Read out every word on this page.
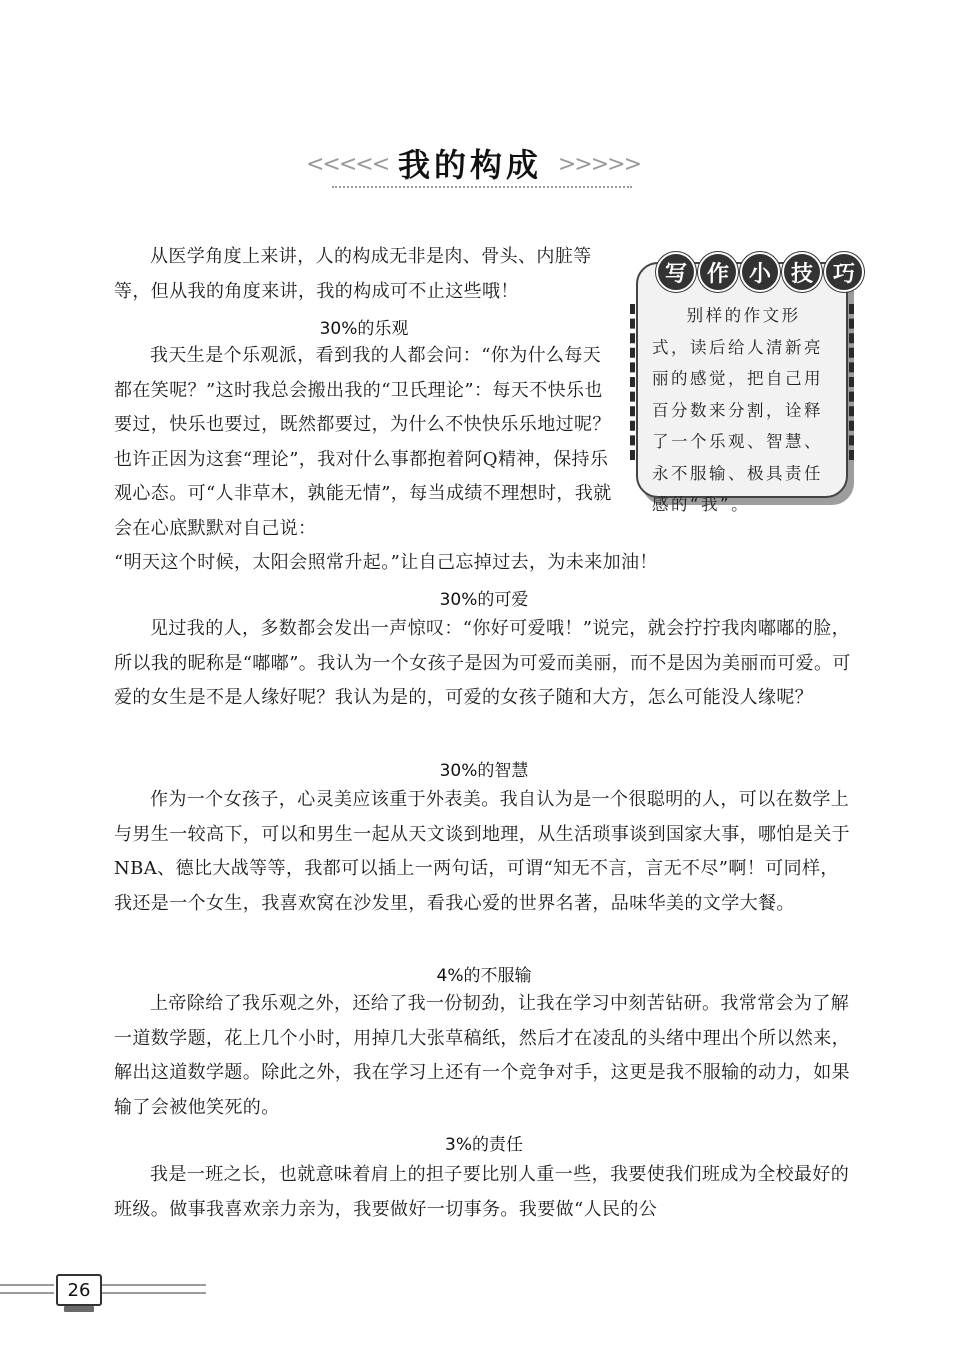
<<<<< 我的构成 >>>>>
写 作 小 技 巧
别样的作文形式，读后给人清新亮丽的感觉，把自己用百分数来分割，诠释了一个乐观、智慧、永不服输、极具责任感的“我”。
从医学角度上来讲，人的构成无非是肉、骨头、内脏等等，但从我的角度来讲，我的构成可不止这些哦！
30%的乐观
我天生是个乐观派，看到我的人都会问：“你为什么每天都在笑呢？”这时我总会搬出我的“卫氏理论”：每天不快乐也要过，快乐也要过，既然都要过，为什么不快快乐乐地过呢？也许正因为这套“理论”，我对什么事都抱着阿Q精神，保持乐观心态。可“人非草木，孰能无情”，每当成绩不理想时，我就会在心底默默对自己说：
“明天这个时候，太阳会照常升起。”让自己忘掉过去，为未来加油！
30%的可爱
见过我的人，多数都会发出一声惊叹：“你好可爱哦！”说完，就会拧拧我肉嘟嘟的脸，所以我的昵称是“嘟嘟”。我认为一个女孩子是因为可爱而美丽，而不是因为美丽而可爱。可爱的女生是不是人缘好呢？我认为是的，可爱的女孩子随和大方，怎么可能没人缘呢？
30%的智慧
作为一个女孩子，心灵美应该重于外表美。我自认为是一个很聪明的人，可以在数学上与男生一较高下，可以和男生一起从天文谈到地理，从生活琐事谈到国家大事，哪怕是关于NBA、德比大战等等，我都可以插上一两句话，可谓“知无不言，言无不尽”啊！可同样，我还是一个女生，我喜欢窝在沙发里，看我心爱的世界名著，品味华美的文学大餐。
4%的不服输
上帝除给了我乐观之外，还给了我一份韧劲，让我在学习中刻苦钻研。我常常会为了解一道数学题，花上几个小时，用掉几大张草稿纸，然后才在凌乱的头绪中理出个所以然来，解出这道数学题。除此之外，我在学习上还有一个竞争对手，这更是我不服输的动力，如果输了会被他笑死的。
3%的责任
我是一班之长，也就意味着肩上的担子要比别人重一些，我要使我们班成为全校最好的班级。做事我喜欢亲力亲为，我要做好一切事务。我要做“人民的公
26
